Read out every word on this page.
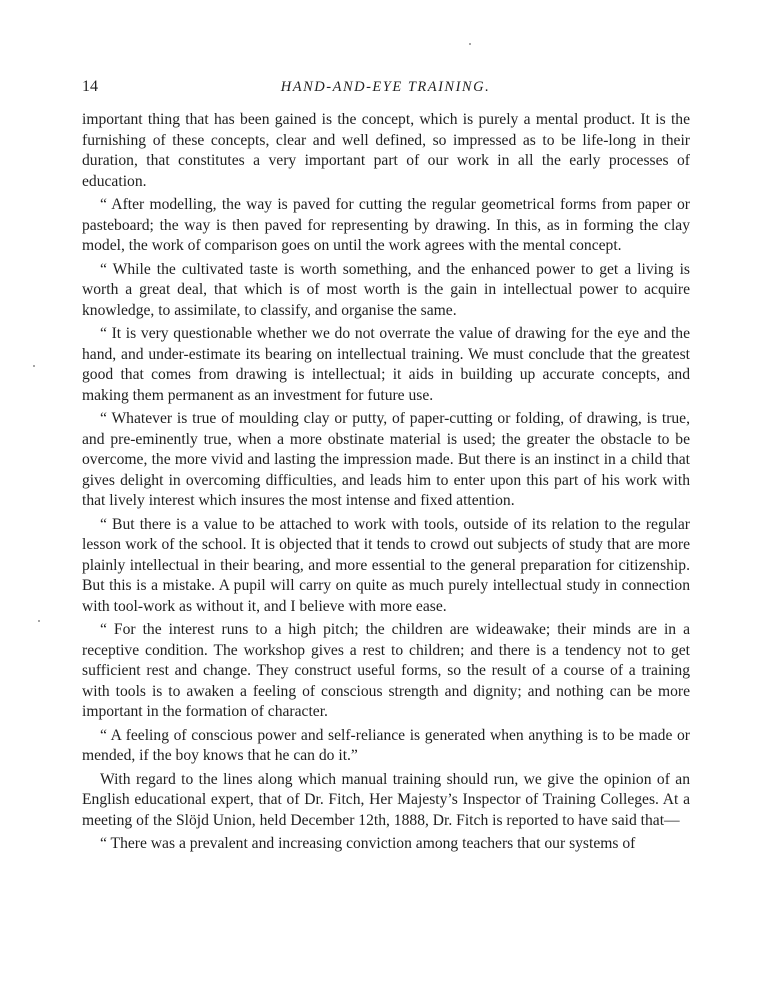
14	HAND-AND-EYE TRAINING.

important thing that has been gained is the concept, which is purely a mental product. It is the furnishing of these concepts, clear and well defined, so impressed as to be life-long in their duration, that constitutes a very important part of our work in all the early processes of education.

“ After modelling, the way is paved for cutting the regular geometrical forms from paper or pasteboard; the way is then paved for representing by drawing. In this, as in forming the clay model, the work of comparison goes on until the work agrees with the mental concept.

“ While the cultivated taste is worth something, and the enhanced power to get a living is worth a great deal, that which is of most worth is the gain in intellectual power to acquire knowledge, to assimilate, to classify, and organise the same.

“ It is very questionable whether we do not overrate the value of drawing for the eye and the hand, and under-estimate its bearing on intellectual training. We must conclude that the greatest good that comes from drawing is intellectual; it aids in building up accurate concepts, and making them permanent as an investment for future use.

“ Whatever is true of moulding clay or putty, of paper-cutting or folding, of drawing, is true, and pre-eminently true, when a more obstinate material is used; the greater the obstacle to be overcome, the more vivid and lasting the impression made. But there is an instinct in a child that gives delight in overcoming difficulties, and leads him to enter upon this part of his work with that lively interest which insures the most intense and fixed attention.

“ But there is a value to be attached to work with tools, outside of its relation to the regular lesson work of the school. It is objected that it tends to crowd out subjects of study that are more plainly intellectual in their bearing, and more essential to the general preparation for citizenship. But this is a mistake. A pupil will carry on quite as much purely intellectual study in connection with tool-work as without it, and I believe with more ease.

“ For the interest runs to a high pitch; the children are wideawake; their minds are in a receptive condition. The workshop gives a rest to children; and there is a tendency not to get sufficient rest and change. They construct useful forms, so the result of a course of a training with tools is to awaken a feeling of conscious strength and dignity; and nothing can be more important in the formation of character.

“ A feeling of conscious power and self-reliance is generated when anything is to be made or mended, if the boy knows that he can do it.”

With regard to the lines along which manual training should run, we give the opinion of an English educational expert, that of Dr. Fitch, Her Majesty’s Inspector of Training Colleges. At a meeting of the Slöjd Union, held December 12th, 1888, Dr. Fitch is reported to have said that—

“ There was a prevalent and increasing conviction among teachers that our systems of
